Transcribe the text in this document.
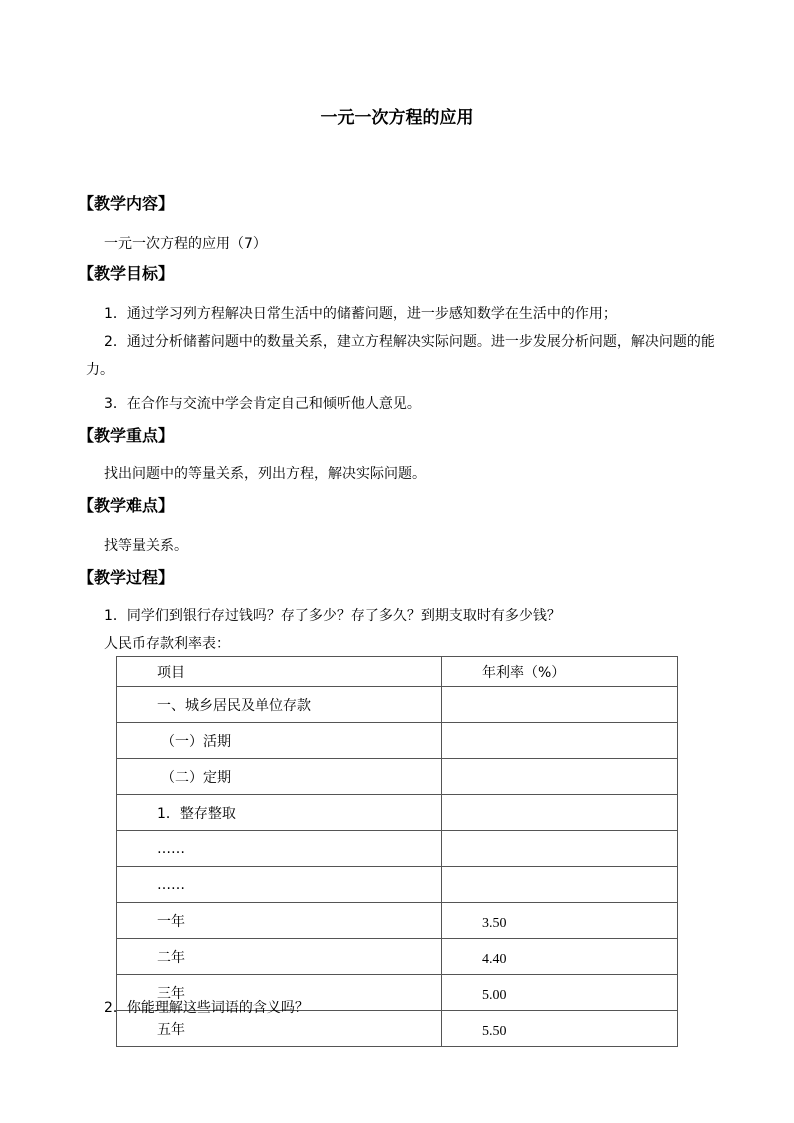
一元一次方程的应用
【教学内容】
一元一次方程的应用（7）
【教学目标】
1．通过学习列方程解决日常生活中的储蓄问题，进一步感知数学在生活中的作用；
2．通过分析储蓄问题中的数量关系，建立方程解决实际问题。进一步发展分析问题，解决问题的能力。
3．在合作与交流中学会肯定自己和倾听他人意见。
【教学重点】
找出问题中的等量关系，列出方程，解决实际问题。
【教学难点】
找等量关系。
【教学过程】
1．同学们到银行存过钱吗？存了多少？存了多久？到期支取时有多少钱？
人民币存款利率表：
项目	年利率（%）
一、城乡居民及单位存款	
（一）活期	
（二）定期	
1．整存整取	
……	
……	
一年	3.50
二年	4.40
三年	5.00
五年	5.50
2．你能理解这些词语的含义吗？
